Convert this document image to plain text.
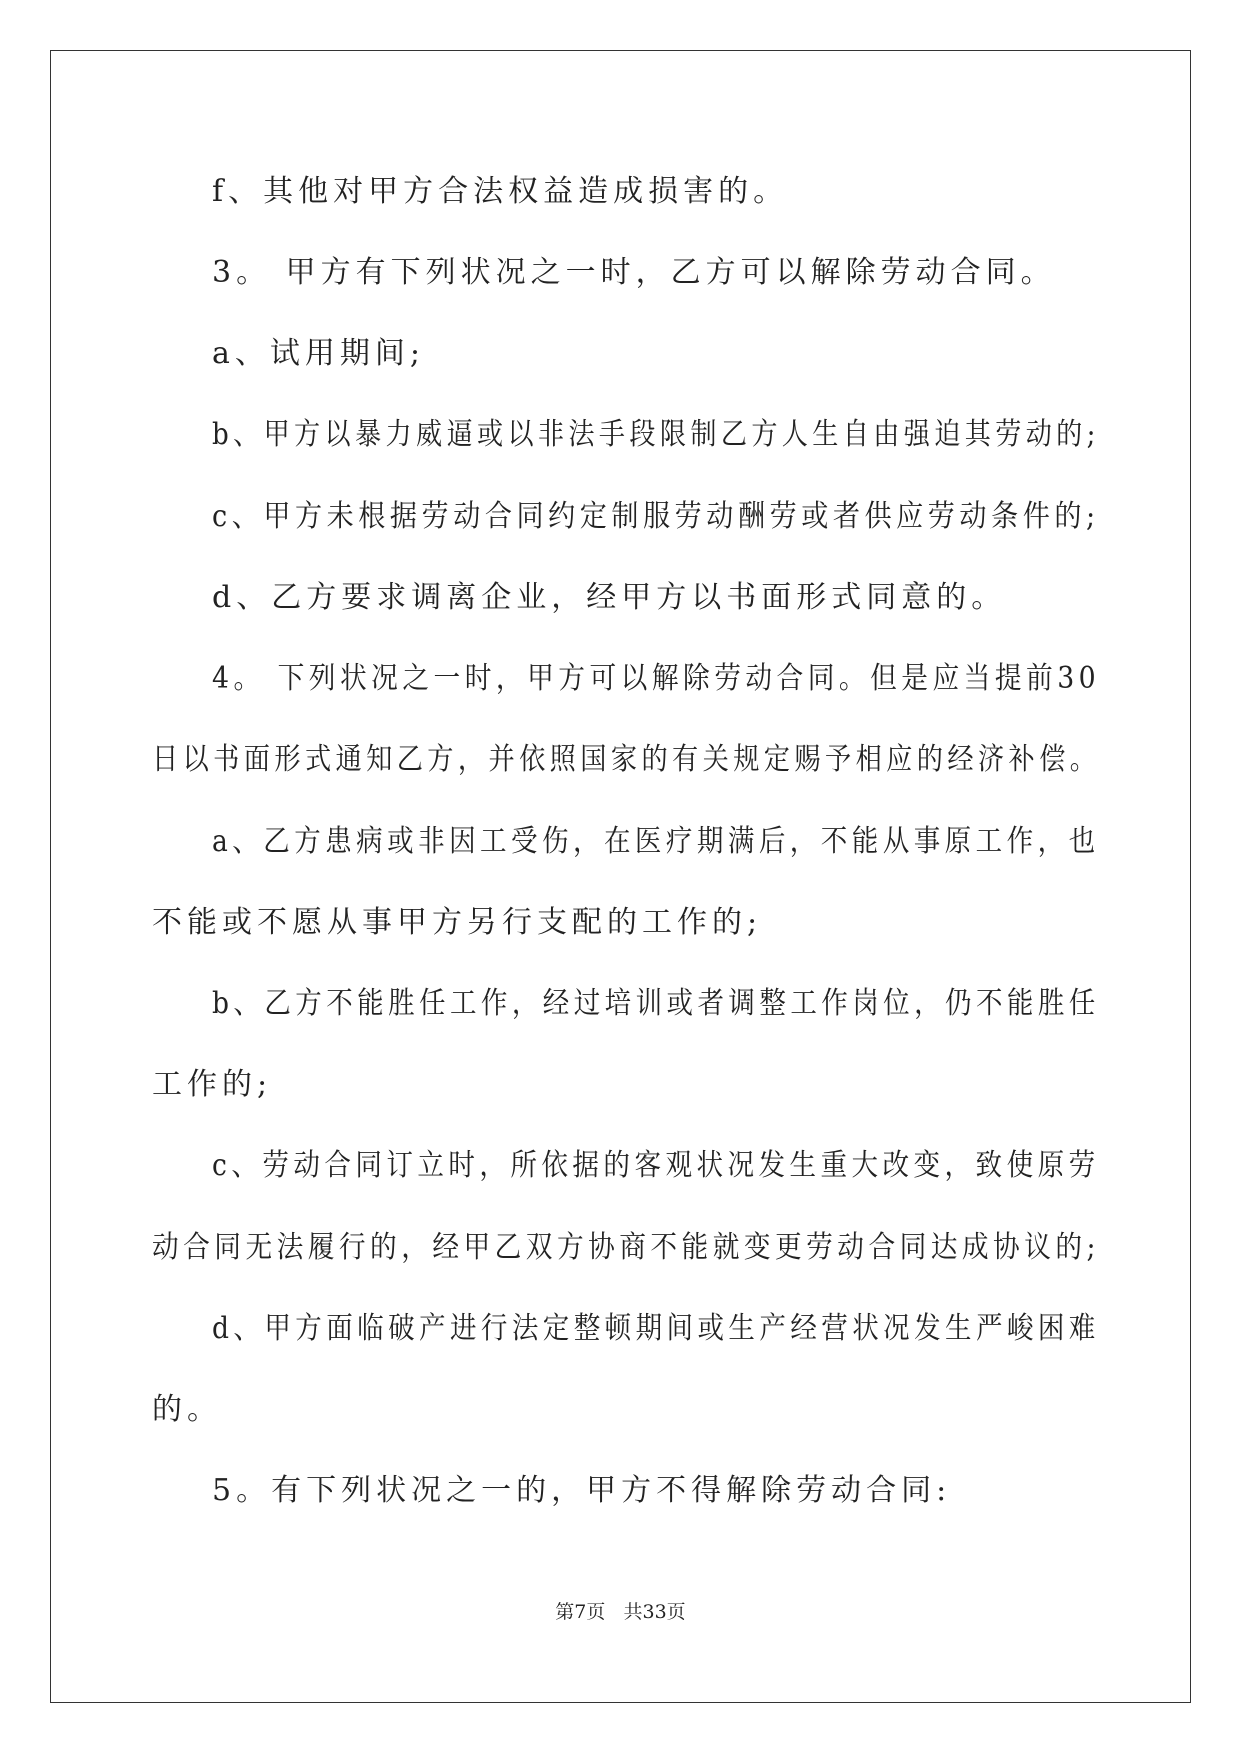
f、其他对甲方合法权益造成损害的。

3。 甲方有下列状况之一时，乙方可以解除劳动合同。

a、试用期间;

b、甲方以暴力威逼或以非法手段限制乙方人生自由强迫其劳动的;

c、甲方未根据劳动合同约定制服劳动酬劳或者供应劳动条件的;

d、乙方要求调离企业，经甲方以书面形式同意的。

4。 下列状况之一时，甲方可以解除劳动合同。但是应当提前30

日以书面形式通知乙方，并依照国家的有关规定赐予相应的经济补偿。

a、乙方患病或非因工受伤，在医疗期满后，不能从事原工作，也

不能或不愿从事甲方另行支配的工作的;

b、乙方不能胜任工作，经过培训或者调整工作岗位，仍不能胜任

工作的;

c、劳动合同订立时，所依据的客观状况发生重大改变，致使原劳

动合同无法履行的，经甲乙双方协商不能就变更劳动合同达成协议的;

d、甲方面临破产进行法定整顿期间或生产经营状况发生严峻困难

的。

5。有下列状况之一的，甲方不得解除劳动合同:

第7页   共33页
